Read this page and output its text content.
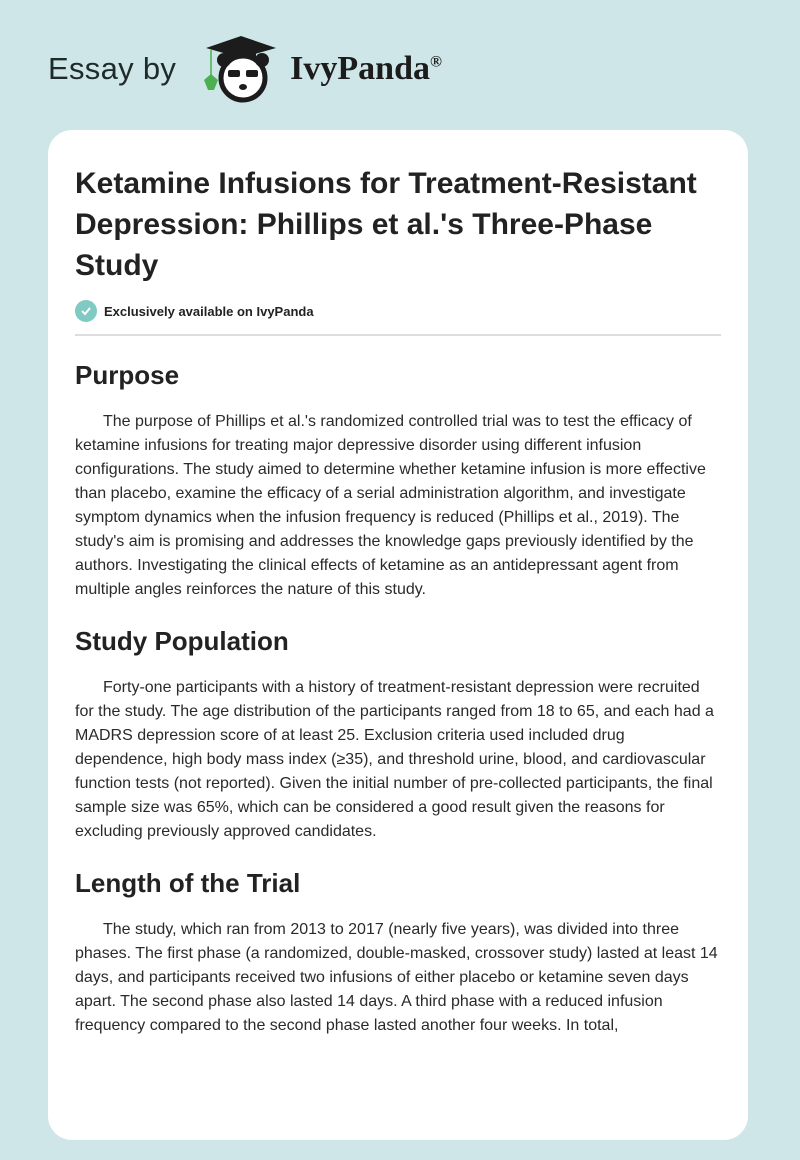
Essay by	IvyPanda®
Ketamine Infusions for Treatment-Resistant Depression: Phillips et al.'s Three-Phase Study
Exclusively available on IvyPanda
Purpose

The purpose of Phillips et al.'s randomized controlled trial was to test the efficacy of ketamine infusions for treating major depressive disorder using different infusion configurations. The study aimed to determine whether ketamine infusion is more effective than placebo, examine the efficacy of a serial administration algorithm, and investigate symptom dynamics when the infusion frequency is reduced (Phillips et al., 2019). The study's aim is promising and addresses the knowledge gaps previously identified by the authors. Investigating the clinical effects of ketamine as an antidepressant agent from multiple angles reinforces the nature of this study.

Study Population

Forty-one participants with a history of treatment-resistant depression were recruited for the study. The age distribution of the participants ranged from 18 to 65, and each had a MADRS depression score of at least 25. Exclusion criteria used included drug dependence, high body mass index (≥35), and threshold urine, blood, and cardiovascular function tests (not reported). Given the initial number of pre-collected participants, the final sample size was 65%, which can be considered a good result given the reasons for excluding previously approved candidates.

Length of the Trial

The study, which ran from 2013 to 2017 (nearly five years), was divided into three phases. The first phase (a randomized, double-masked, crossover study) lasted at least 14 days, and participants received two infusions of either placebo or ketamine seven days apart. The second phase also lasted 14 days. A third phase with a reduced infusion frequency compared to the second phase lasted another four weeks. In total,
